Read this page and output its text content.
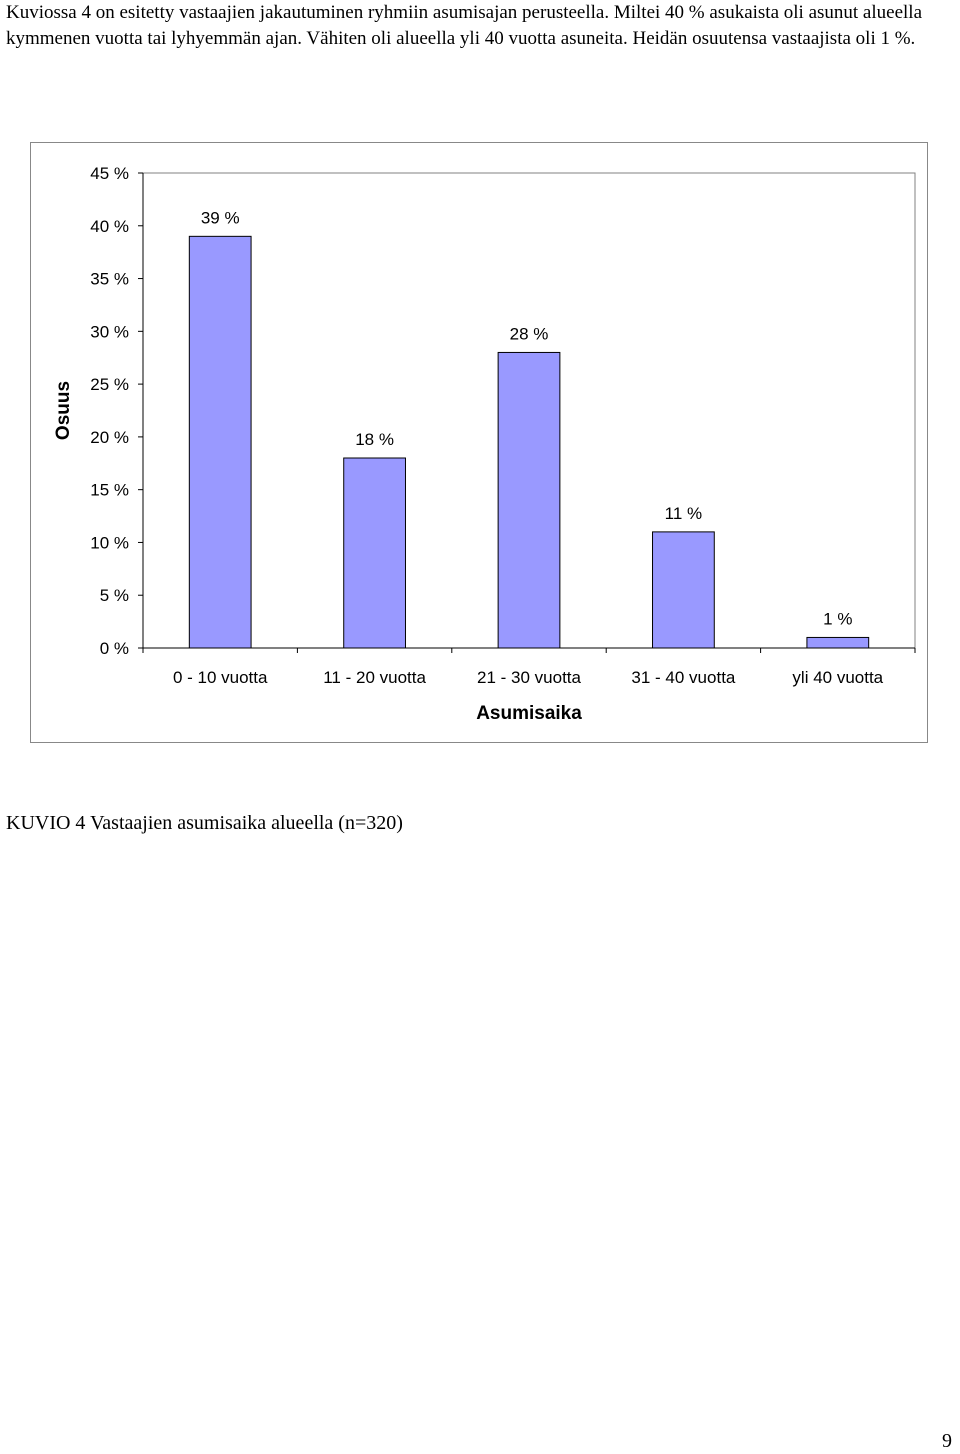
Kuviossa 4 on esitetty vastaajien jakautuminen ryhmiin asumisajan perusteella. Miltei 40 % asukaista oli asunut alueella kymmenen vuotta tai lyhyemmän ajan. Vähiten oli alueella yli 40 vuotta asuneita. Heidän osuutensa vastaajista oli 1 %.

0 %
5 %
10 %
15 %
20 %
25 %
30 %
35 %
40 %
45 %
Osuus
39 %
0 - 10 vuotta
18 %
11 - 20 vuotta
28 %
21 - 30 vuotta
11 %
31 - 40 vuotta
1 %
yli 40 vuotta
Asumisaika

KUVIO 4 Vastaajien asumisaika alueella (n=320)

9
